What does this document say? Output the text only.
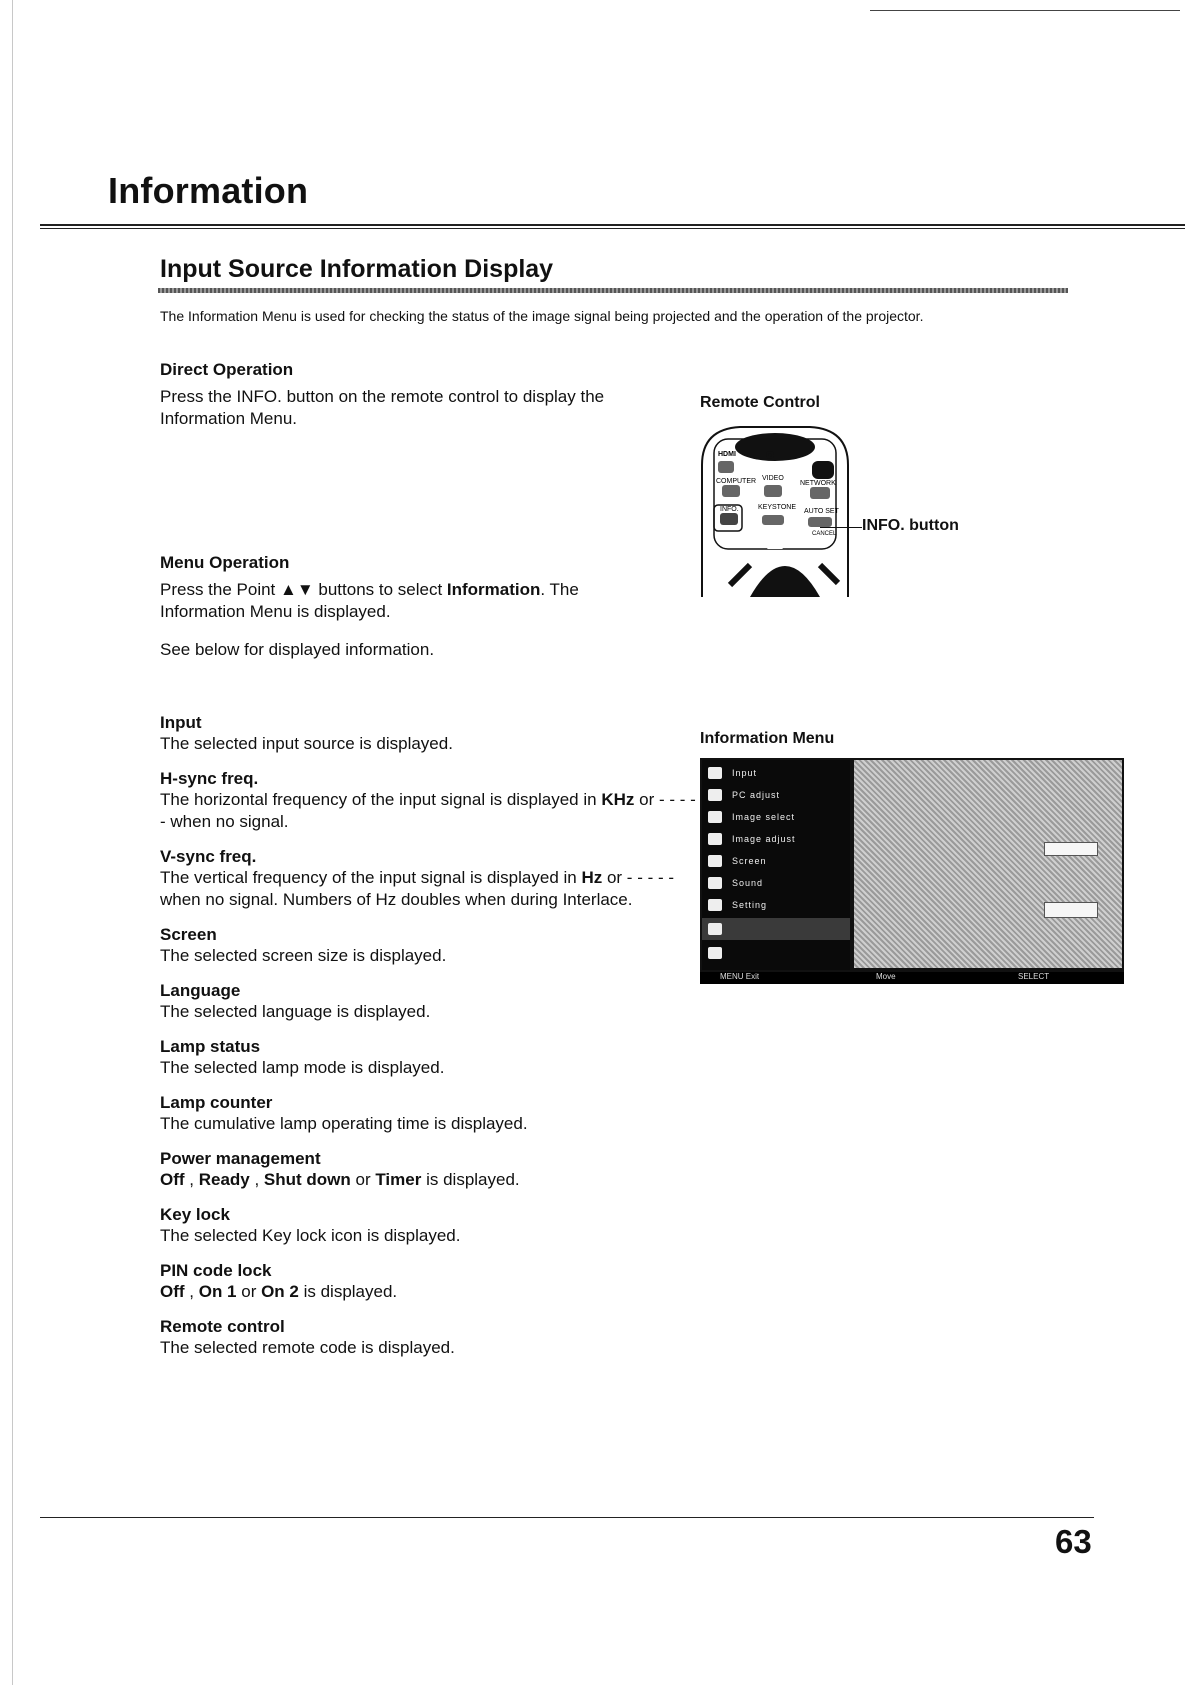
Information
Input Source Information Display
The Information Menu is used for checking the status of the image signal being projected and the operation of the projector.
Direct Operation
Press the INFO. button on the remote control to display the Information Menu.
Menu Operation
Press the Point ▲▼ buttons to select Information. The Information Menu is displayed.
See below for displayed information.
Remote Control
HDMI
COMPUTER VIDEO
NETWORK
INFO.	KEYSTONE
AUTO SET
CANCEL INFO. button
Information Menu
Input
PC adjust
Image select
Image adjust
Screen
Sound
Setting
MENU Exit	Move	SELECT
Input
The selected input source is displayed.
H-sync freq.
The horizontal frequency of the input signal is displayed in KHz or - - - - - when no signal.
V-sync freq.
The vertical frequency of the input signal is displayed in Hz or - - - - - when no signal. Numbers of Hz doubles when during Interlace.
Screen
The selected screen size is displayed.
Language
The selected language is displayed.
Lamp status
The selected lamp mode is displayed.
Lamp counter
The cumulative lamp operating time is displayed.
Power management
Off , Ready , Shut down or Timer is displayed.
Key lock
The selected Key lock icon is displayed.
PIN code lock
Off , On 1 or On 2 is displayed.
Remote control
The selected remote code is displayed.
63
